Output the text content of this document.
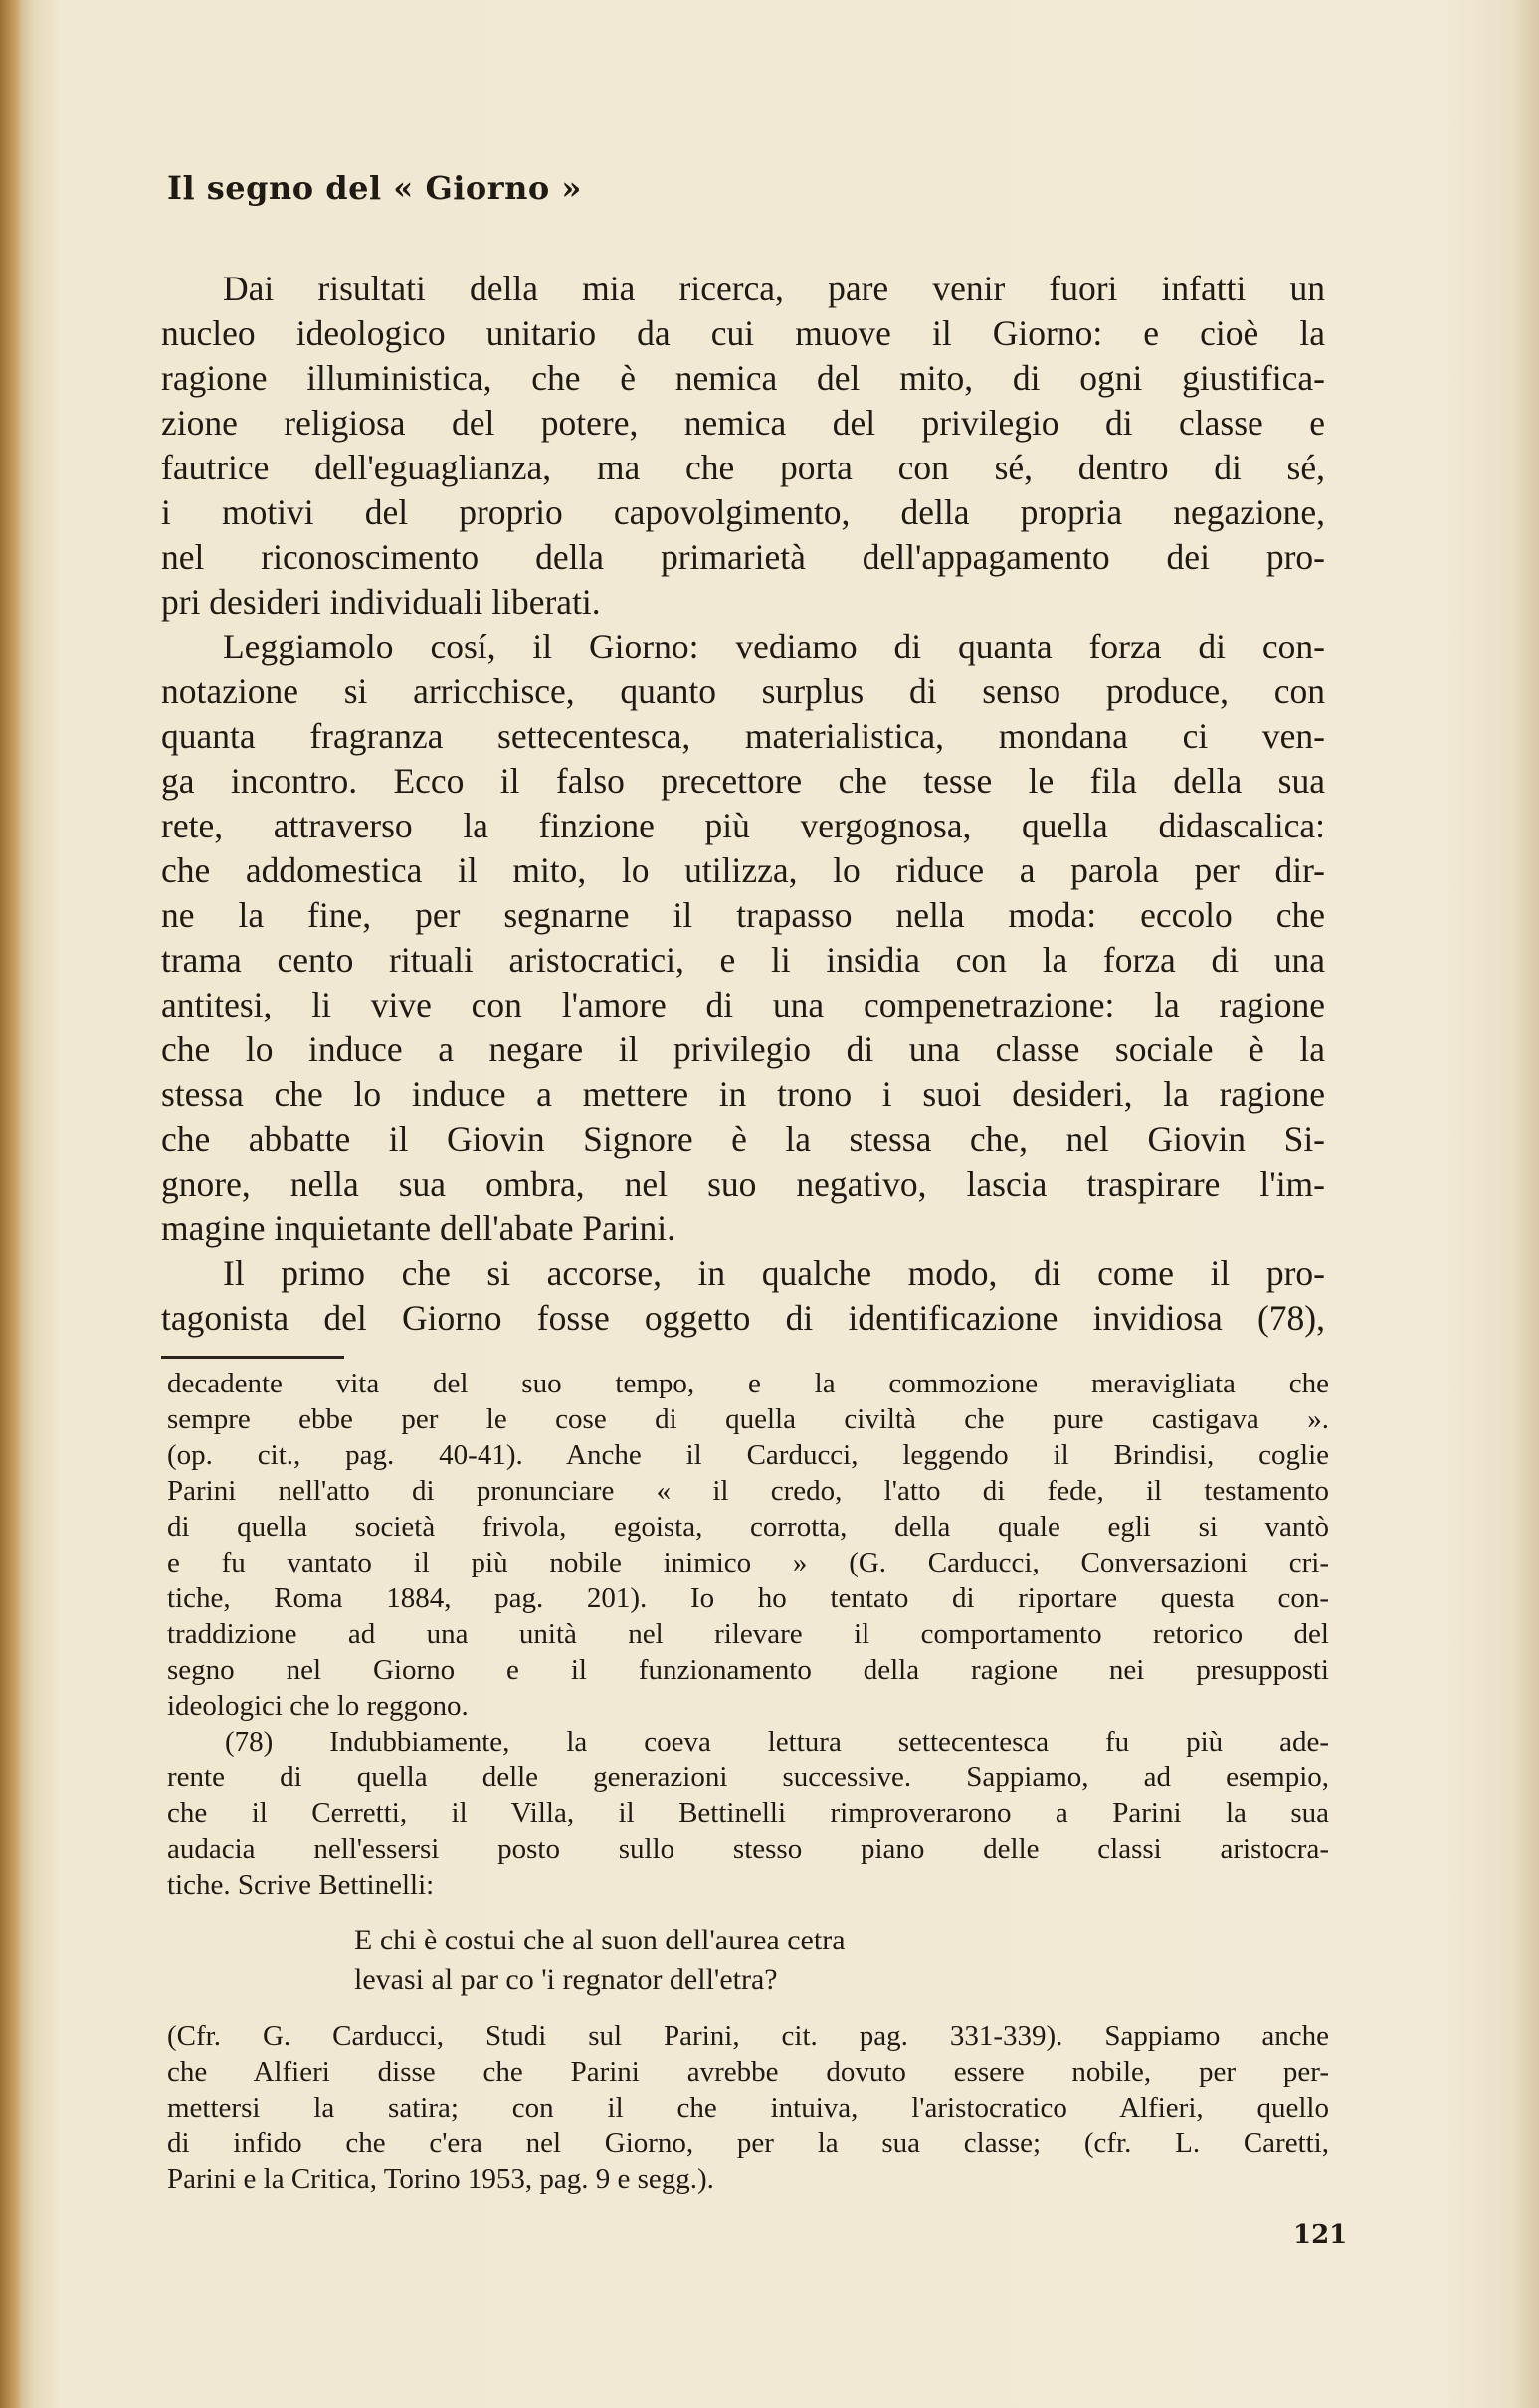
Il segno del « Giorno »
Dai risultati della mia ricerca, pare venir fuori infatti un
nucleo ideologico unitario da cui muove il Giorno: e cioè la
ragione illuministica, che è nemica del mito, di ogni giustifica-
zione religiosa del potere, nemica del privilegio di classe e
fautrice dell'eguaglianza, ma che porta con sé, dentro di sé,
i motivi del proprio capovolgimento, della propria negazione,
nel riconoscimento della primarietà dell'appagamento dei pro-
pri desideri individuali liberati.
Leggiamolo cosí, il Giorno: vediamo di quanta forza di con-
notazione si arricchisce, quanto surplus di senso produce, con
quanta fragranza settecentesca, materialistica, mondana ci ven-
ga incontro. Ecco il falso precettore che tesse le fila della sua
rete, attraverso la finzione più vergognosa, quella didascalica:
che addomestica il mito, lo utilizza, lo riduce a parola per dir-
ne la fine, per segnarne il trapasso nella moda: eccolo che
trama cento rituali aristocratici, e li insidia con la forza di una
antitesi, li vive con l'amore di una compenetrazione: la ragione
che lo induce a negare il privilegio di una classe sociale è la
stessa che lo induce a mettere in trono i suoi desideri, la ragione
che abbatte il Giovin Signore è la stessa che, nel Giovin Si-
gnore, nella sua ombra, nel suo negativo, lascia traspirare l'im-
magine inquietante dell'abate Parini.
Il primo che si accorse, in qualche modo, di come il pro-
tagonista del Giorno fosse oggetto di identificazione invidiosa (78),
decadente vita del suo tempo, e la commozione meravigliata che
sempre ebbe per le cose di quella civiltà che pure castigava ».
(op. cit., pag. 40-41). Anche il Carducci, leggendo il Brindisi, coglie
Parini nell'atto di pronunciare « il credo, l'atto di fede, il testamento
di quella società frivola, egoista, corrotta, della quale egli si vantò
e fu vantato il più nobile inimico » (G. Carducci, Conversazioni cri-
tiche, Roma 1884, pag. 201). Io ho tentato di riportare questa con-
traddizione ad una unità nel rilevare il comportamento retorico del
segno nel Giorno e il funzionamento della ragione nei presupposti
ideologici che lo reggono.
(78) Indubbiamente, la coeva lettura settecentesca fu più ade-
rente di quella delle generazioni successive. Sappiamo, ad esempio,
che il Cerretti, il Villa, il Bettinelli rimproverarono a Parini la sua
audacia nell'essersi posto sullo stesso piano delle classi aristocra-
tiche. Scrive Bettinelli:
E chi è costui che al suon dell'aurea cetra
levasi al par co 'i regnator dell'etra?
(Cfr. G. Carducci, Studi sul Parini, cit. pag. 331-339). Sappiamo anche
che Alfieri disse che Parini avrebbe dovuto essere nobile, per per-
mettersi la satira; con il che intuiva, l'aristocratico Alfieri, quello
di infido che c'era nel Giorno, per la sua classe; (cfr. L. Caretti,
Parini e la Critica, Torino 1953, pag. 9 e segg.).
121
